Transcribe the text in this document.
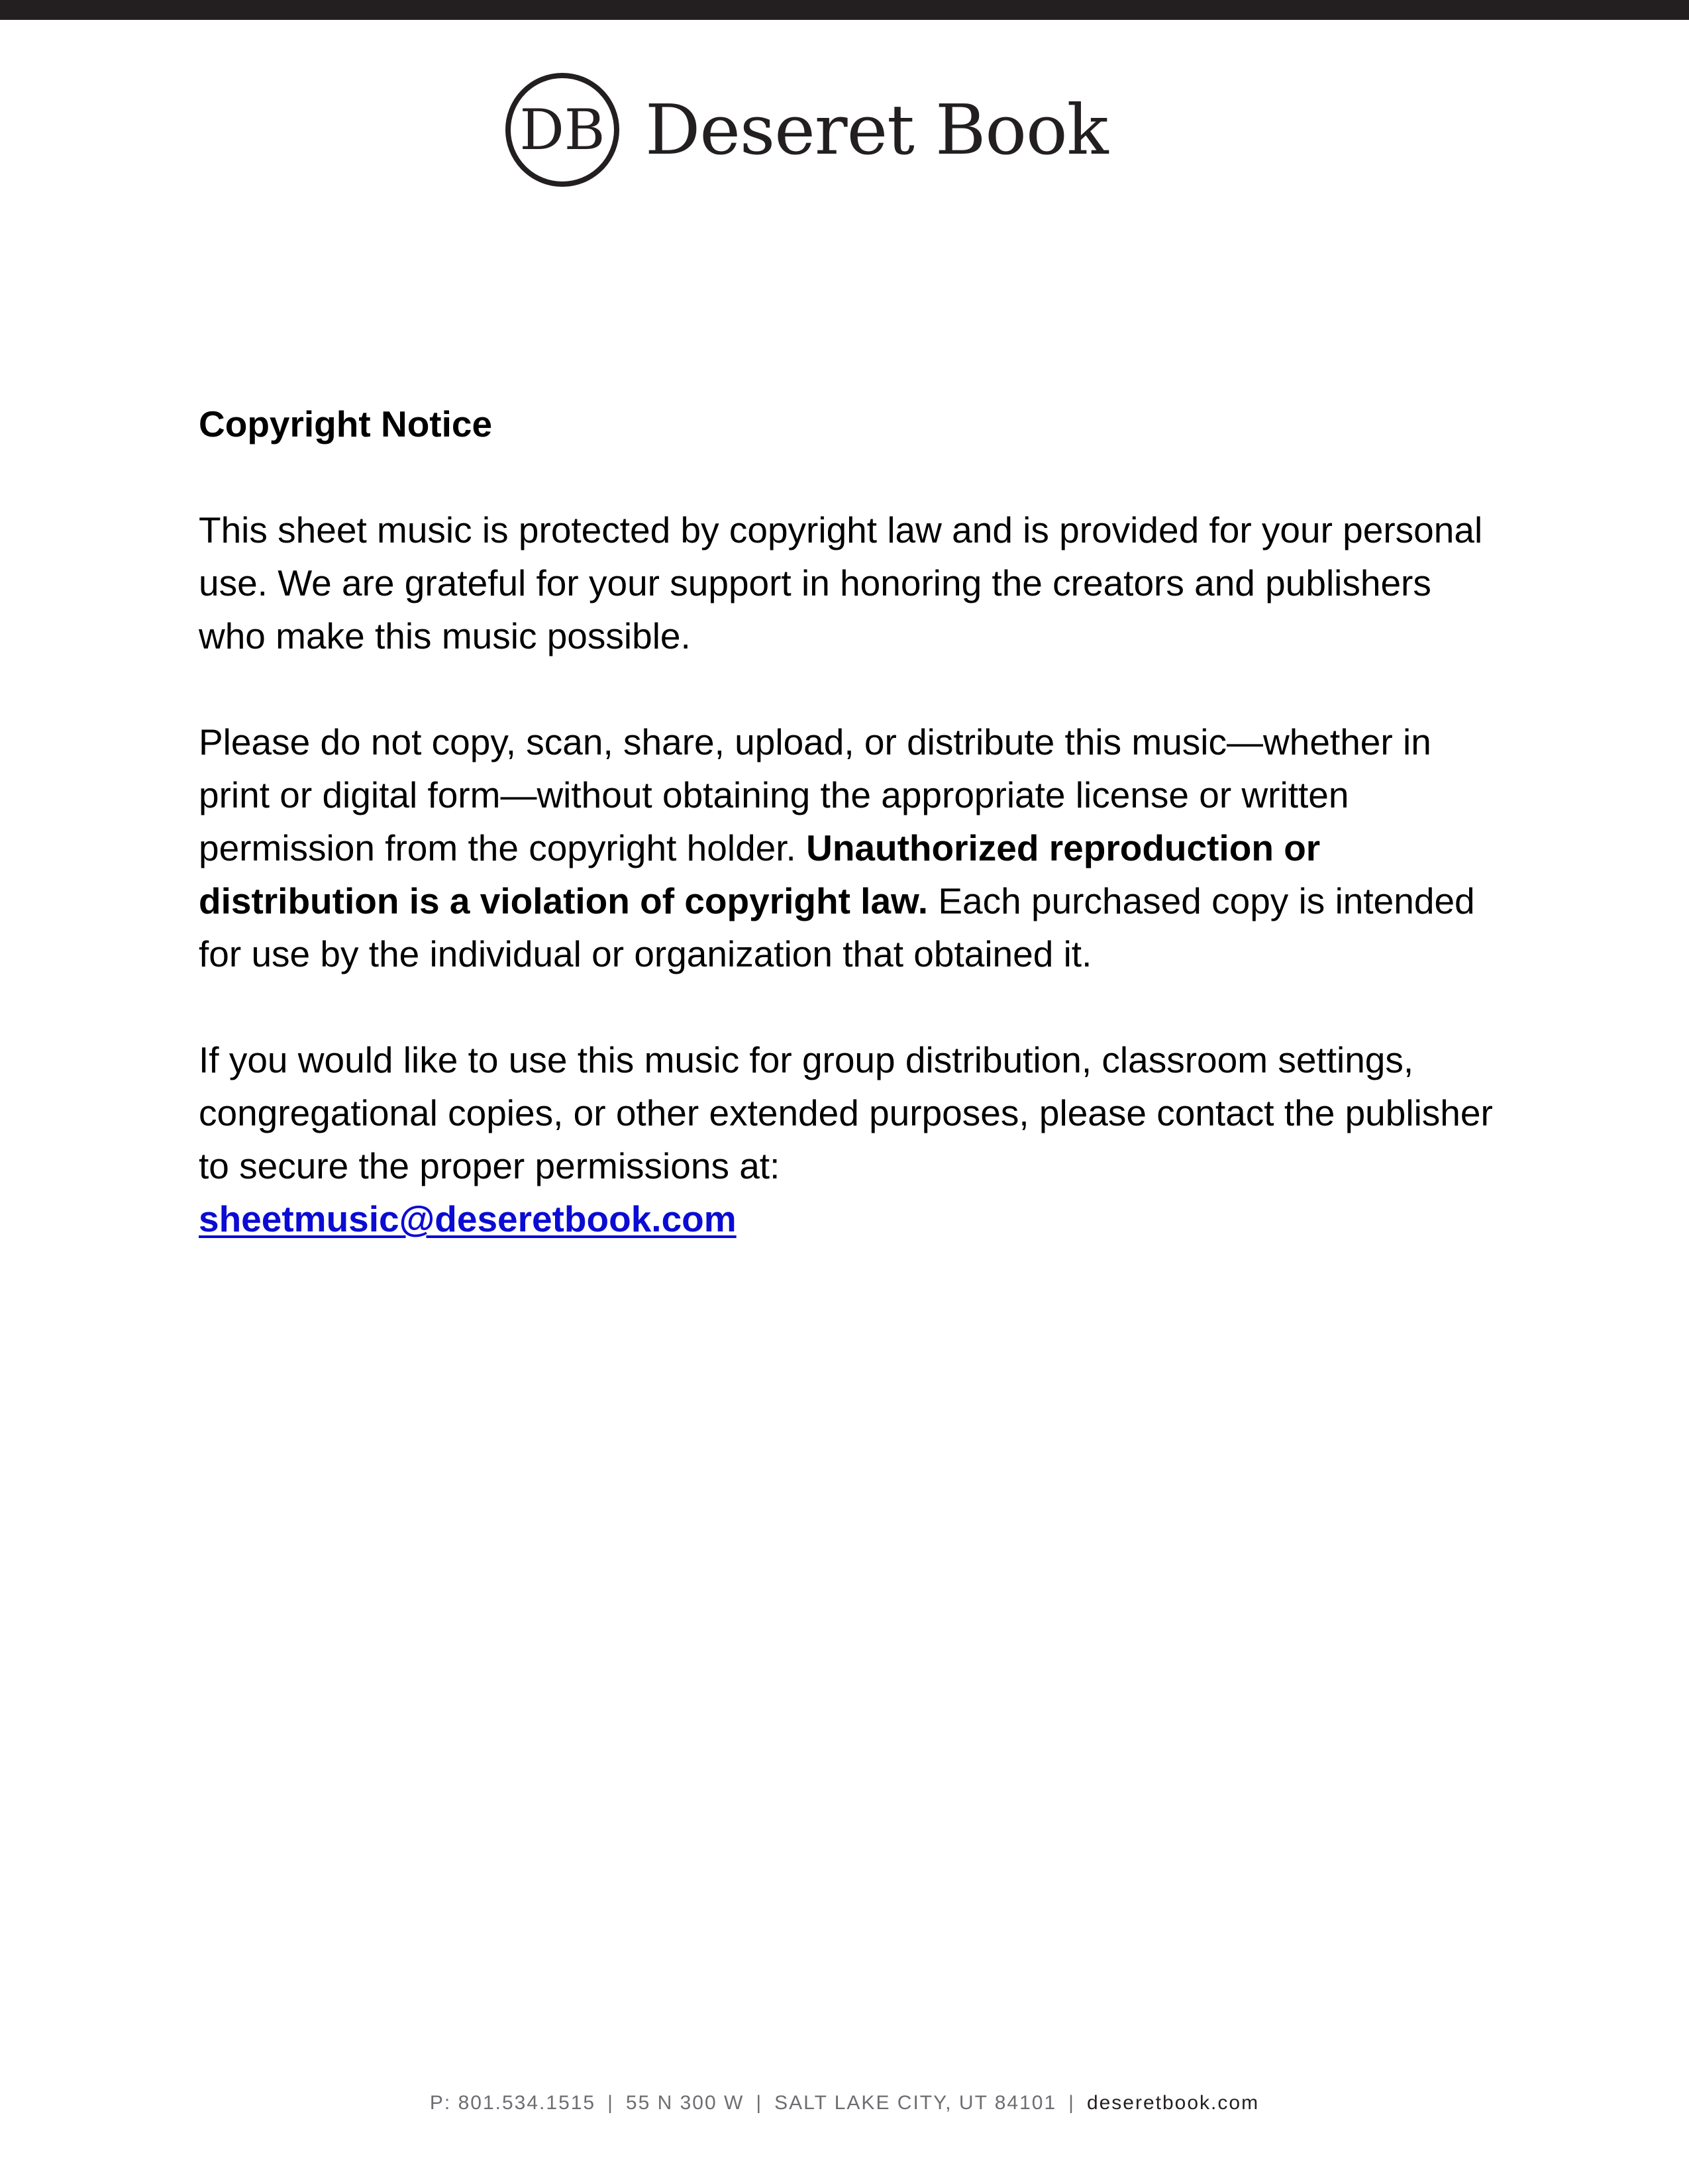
DB Deseret Book
Copyright Notice

This sheet music is protected by copyright law and is provided for your personal use. We are grateful for your support in honoring the creators and publishers who make this music possible.

Please do not copy, scan, share, upload, or distribute this music—whether in print or digital form—without obtaining the appropriate license or written permission from the copyright holder. Unauthorized reproduction or distribution is a violation of copyright law. Each purchased copy is intended for use by the individual or organization that obtained it.

If you would like to use this music for group distribution, classroom settings, congregational copies, or other extended purposes, please contact the publisher to secure the proper permissions at:
sheetmusic@deseretbook.com

P: 801.534.1515 | 55 N 300 W | SALT LAKE CITY, UT 84101 | deseretbook.com
